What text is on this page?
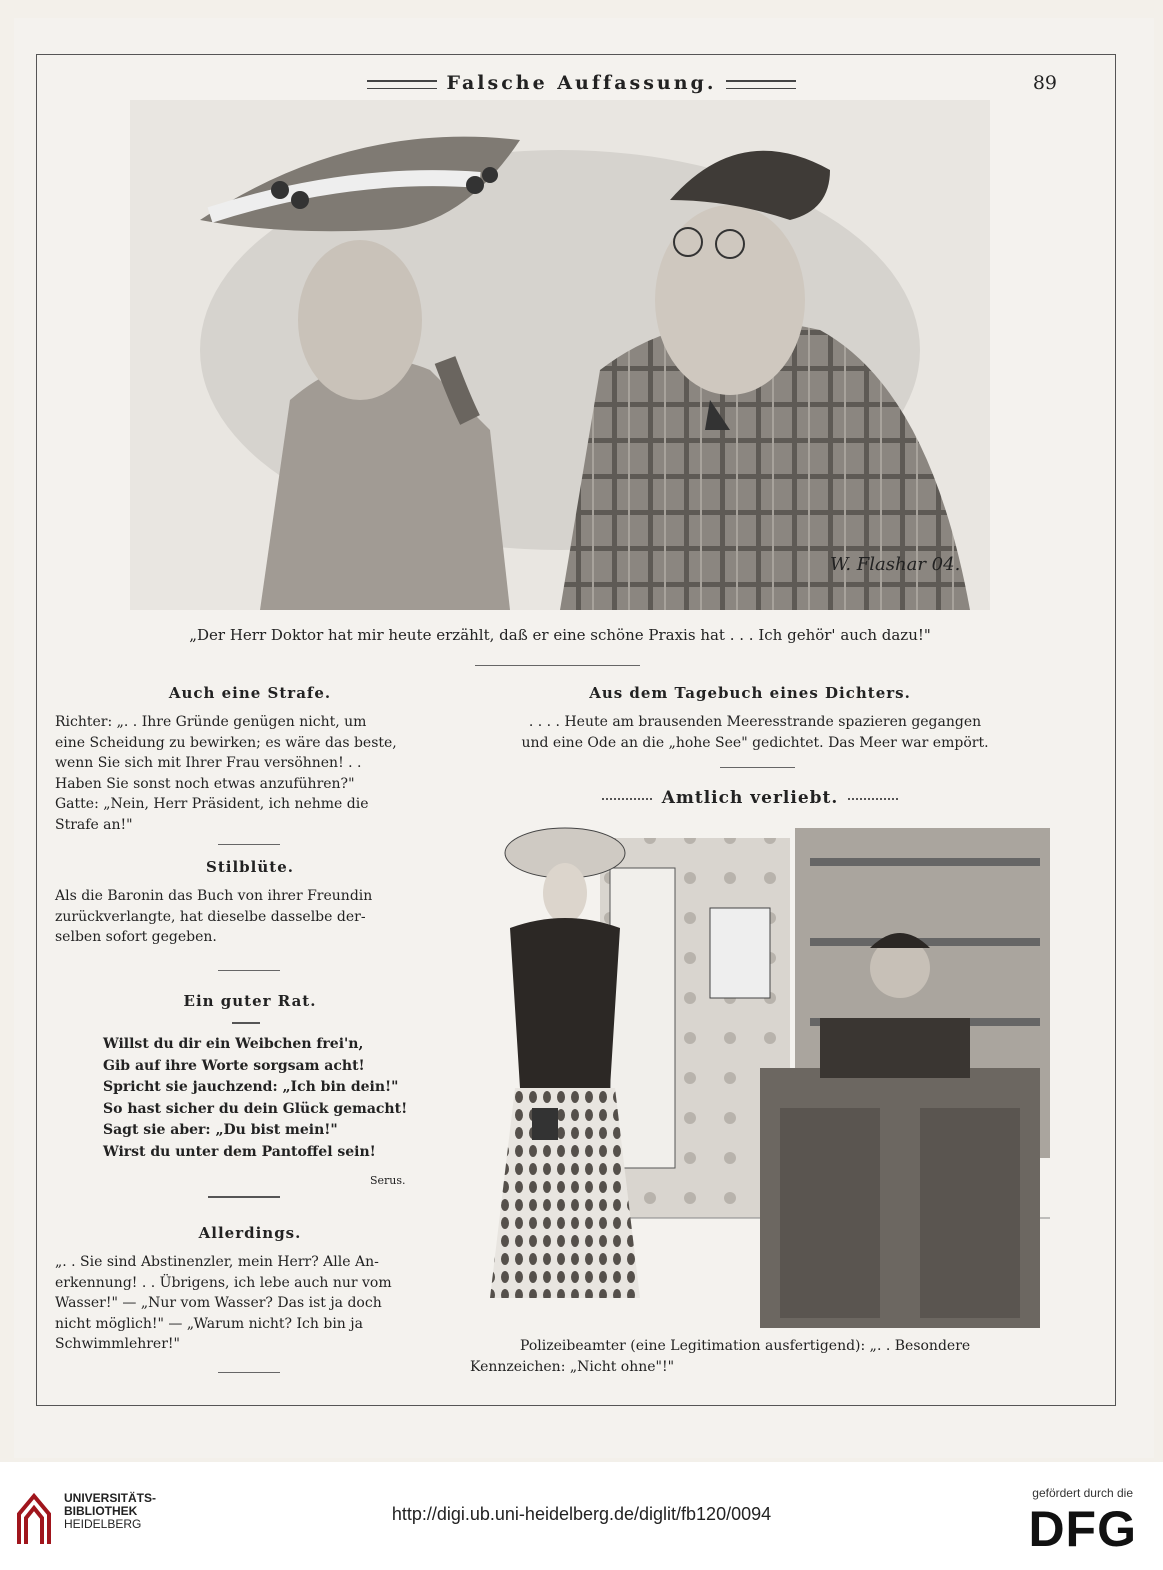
Falsche Auffassung.	89
W. Flashar 04.
„Der Herr Doktor hat mir heute erzählt, daß er eine schöne Praxis hat . . . Ich gehör' auch dazu!"
Auch eine Strafe.
Richter: „. . Ihre Gründe genügen nicht, um
eine Scheidung zu bewirken; es wäre das beste,
wenn Sie sich mit Ihrer Frau versöhnen! . .
Haben Sie sonst noch etwas anzuführen?"
Gatte: „Nein, Herr Präsident, ich nehme die
Strafe an!"
Stilblüte.
Als die Baronin das Buch von ihrer Freundin
zurückverlangte, hat dieselbe dasselbe der-
selben sofort gegeben.
Ein guter Rat.
Willst du dir ein Weibchen frei'n,
Gib auf ihre Worte sorgsam acht!
Spricht sie jauchzend: „Ich bin dein!"
So hast sicher du dein Glück gemacht!
Sagt sie aber: „Du bist mein!"
Wirst du unter dem Pantoffel sein!
Serus.
Allerdings.
„. . Sie sind Abstinenzler, mein Herr? Alle An-
erkennung! . . Übrigens, ich lebe auch nur vom
Wasser!" — „Nur vom Wasser? Das ist ja doch
nicht möglich!" — „Warum nicht? Ich bin ja
Schwimmlehrer!"
Aus dem Tagebuch eines Dichters.
. . . . Heute am brausenden Meeresstrande spazieren gegangen
und eine Ode an die „hohe See" gedichtet. Das Meer war empört.
Amtlich verliebt.
Polizeibeamter (eine Legitimation ausfertigend): „. . Besondere
Kennzeichen: „Nicht ohne"!"
UNIVERSITÄTS-
BIBLIOTHEK
HEIDELBERG	http://digi.ub.uni-heidelberg.de/diglit/fb120/0094
gefördert durch die
DFG
